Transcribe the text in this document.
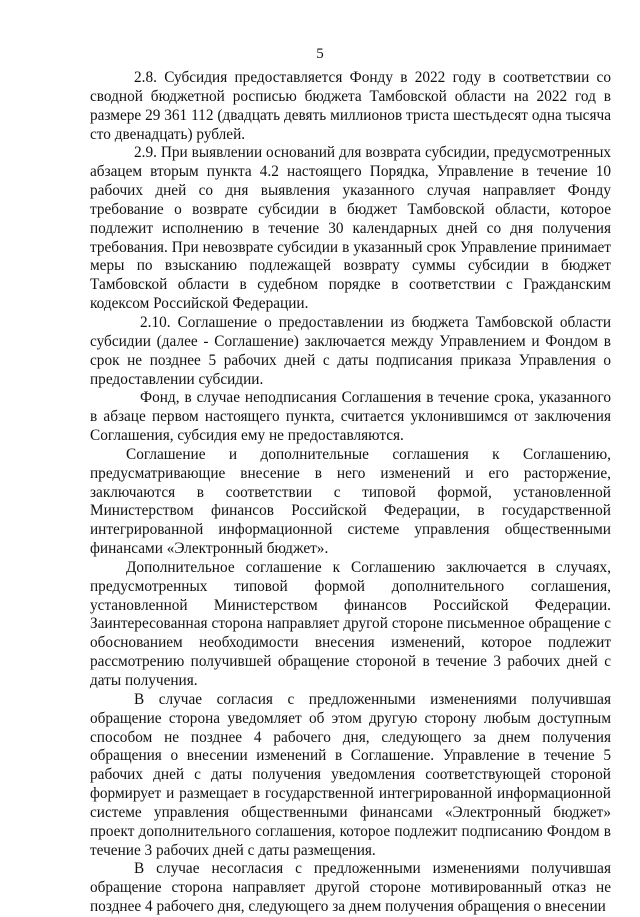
5

2.8. Субсидия предоставляется Фонду в 2022 году в соответствии со сводной бюджетной росписью бюджета Тамбовской области на 2022 год в размере 29 361 112 (двадцать девять миллионов триста шестьдесят одна тысяча сто двенадцать) рублей.

2.9. При выявлении оснований для возврата субсидии, предусмотренных абзацем вторым пункта 4.2 настоящего Порядка, Управление в течение 10 рабочих дней со дня выявления указанного случая направляет Фонду требование о возврате субсидии в бюджет Тамбовской области, которое подлежит исполнению в течение 30 календарных дней со дня получения требования. При невозврате субсидии в указанный срок Управление принимает меры по взысканию подлежащей возврату суммы субсидии в бюджет Тамбовской области в судебном порядке в соответствии с Гражданским кодексом Российской Федерации.

2.10. Соглашение о предоставлении из бюджета Тамбовской области субсидии (далее - Соглашение) заключается между Управлением и Фондом в срок не позднее 5 рабочих дней с даты подписания приказа Управления о предоставлении субсидии.

Фонд, в случае неподписания Соглашения в течение срока, указанного в абзаце первом настоящего пункта, считается уклонившимся от заключения Соглашения, субсидия ему не предоставляются.

Соглашение и дополнительные соглашения к Соглашению, предусматривающие внесение в него изменений и его расторжение, заключаются в соответствии с типовой формой, установленной Министерством финансов Российской Федерации, в государственной интегрированной информационной системе управления общественными финансами «Электронный бюджет».

Дополнительное соглашение к Соглашению заключается в случаях, предусмотренных типовой формой дополнительного соглашения, установленной Министерством финансов Российской Федерации. Заинтересованная сторона направляет другой стороне письменное обращение с обоснованием необходимости внесения изменений, которое подлежит рассмотрению получившей обращение стороной в течение 3 рабочих дней с даты получения.

В случае согласия с предложенными изменениями получившая обращение сторона уведомляет об этом другую сторону любым доступным способом не позднее 4 рабочего дня, следующего за днем получения обращения о внесении изменений в Соглашение. Управление в течение 5 рабочих дней с даты получения уведомления соответствующей стороной формирует и размещает в государственной интегрированной информационной системе управления общественными финансами «Электронный бюджет» проект дополнительного соглашения, которое подлежит подписанию Фондом в течение 3 рабочих дней с даты размещения.

В случае несогласия с предложенными изменениями получившая обращение сторона направляет другой стороне мотивированный отказ не позднее 4 рабочего дня, следующего за днем получения обращения о внесении
